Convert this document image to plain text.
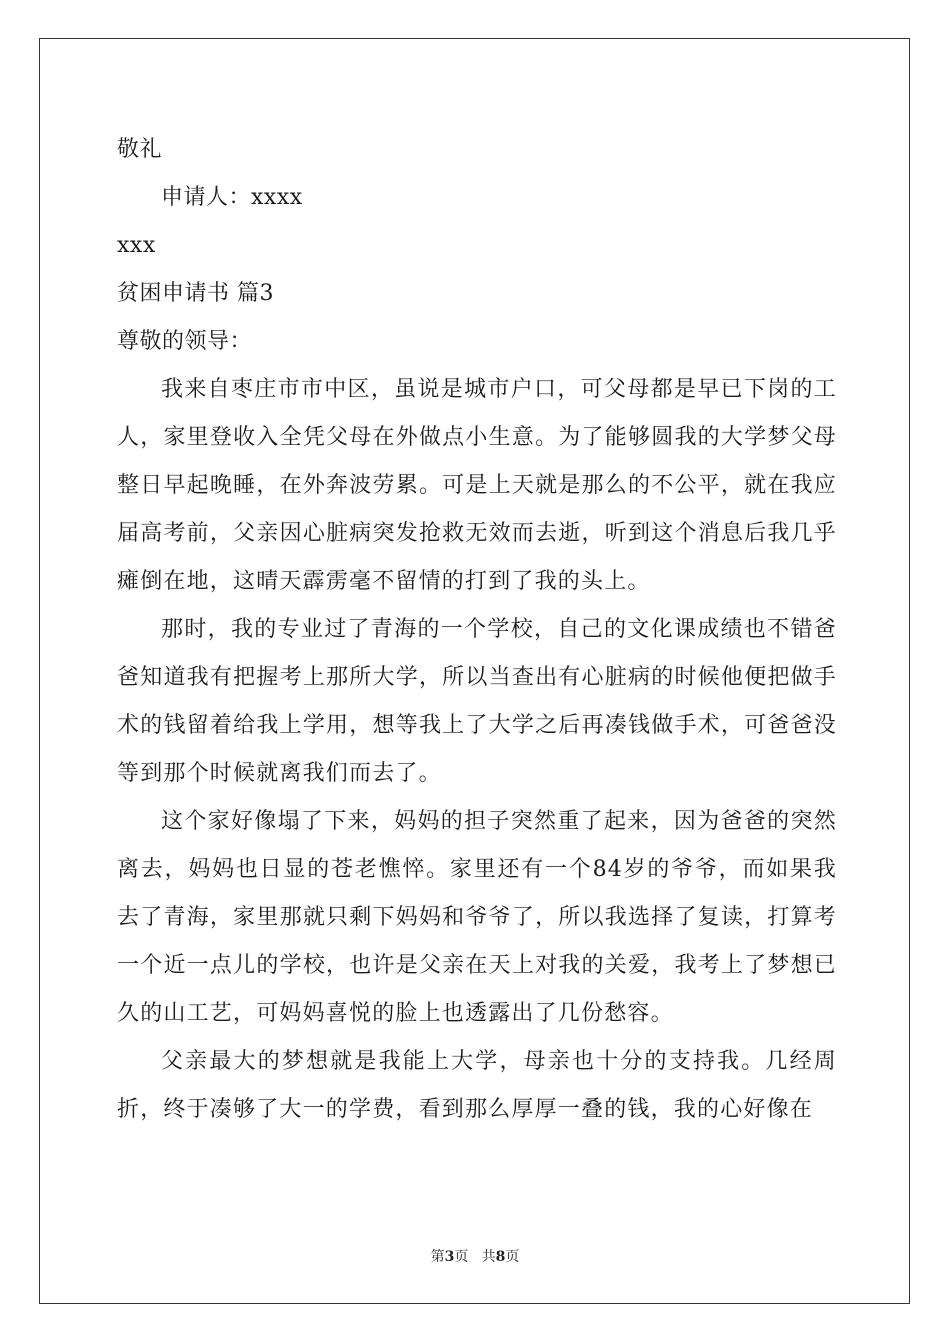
敬礼
申请人：xxxx
xxx
贫困申请书 篇3
尊敬的领导：

我来自枣庄市市中区，虽说是城市户口，可父母都是早已下岗的工人，家里登收入全凭父母在外做点小生意。为了能够圆我的大学梦父母整日早起晚睡，在外奔波劳累。可是上天就是那么的不公平，就在我应届高考前，父亲因心脏病突发抢救无效而去逝，听到这个消息后我几乎瘫倒在地，这晴天霹雳毫不留情的打到了我的头上。

那时，我的专业过了青海的一个学校，自己的文化课成绩也不错爸爸知道我有把握考上那所大学，所以当查出有心脏病的时候他便把做手术的钱留着给我上学用，想等我上了大学之后再凑钱做手术，可爸爸没等到那个时候就离我们而去了。

这个家好像塌了下来，妈妈的担子突然重了起来，因为爸爸的突然离去，妈妈也日显的苍老憔悴。家里还有一个84岁的爷爷，而如果我去了青海，家里那就只剩下妈妈和爷爷了，所以我选择了复读，打算考一个近一点儿的学校，也许是父亲在天上对我的关爱，我考上了梦想已久的山工艺，可妈妈喜悦的脸上也透露出了几份愁容。

父亲最大的梦想就是我能上大学，母亲也十分的支持我。几经周折，终于凑够了大一的学费，看到那么厚厚一叠的钱，我的心好像在

第3页 共8页
